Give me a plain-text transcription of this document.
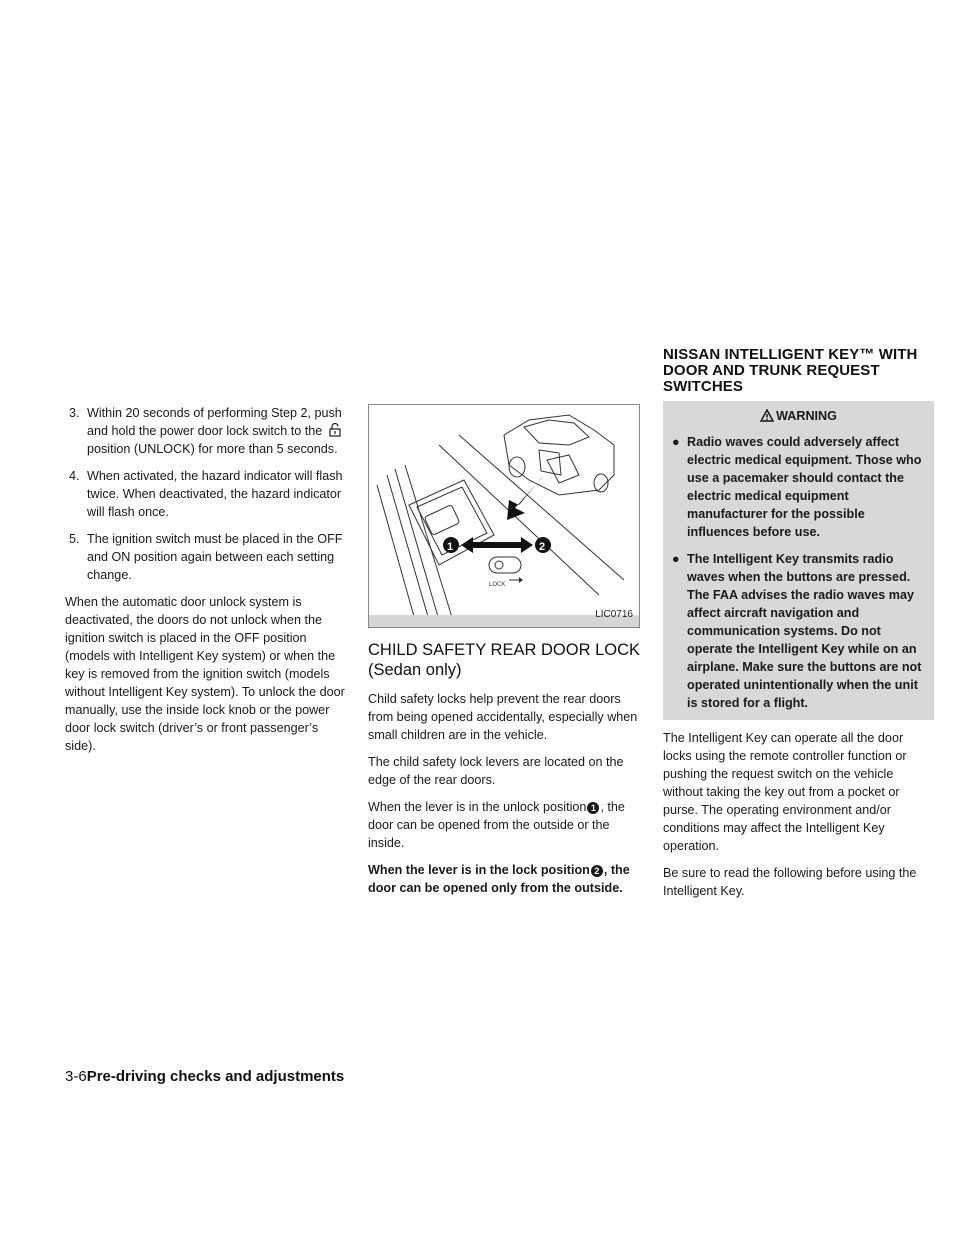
3. Within 20 seconds of performing Step 2, push and hold the power door lock switch to the  position (UNLOCK) for more than 5 seconds.
4. When activated, the hazard indicator will flash twice. When deactivated, the hazard indicator will flash once.
5. The ignition switch must be placed in the OFF and ON position again between each setting change.

When the automatic door unlock system is deactivated, the doors do not unlock when the ignition switch is placed in the OFF position (models with Intelligent Key system) or when the key is removed from the ignition switch (models without Intelligent Key system). To unlock the door manually, use the inside lock knob or the power door lock switch (driver’s or front passenger’s side).

1	2
LOCK
LIC0716
CHILD SAFETY REAR DOOR LOCK (Sedan only)

Child safety locks help prevent the rear doors from being opened accidentally, especially when small children are in the vehicle.

The child safety lock levers are located on the edge of the rear doors.

When the lever is in the unlock position 1 , the door can be opened from the outside or the inside.

When the lever is in the lock position 2 , the door can be opened only from the outside.

NISSAN INTELLIGENT KEY™ WITH DOOR AND TRUNK REQUEST SWITCHES
WARNING
● Radio waves could adversely affect electric medical equipment. Those who use a pacemaker should contact the electric medical equipment manufacturer for the possible influences before use.
● The Intelligent Key transmits radio waves when the buttons are pressed. The FAA advises the radio waves may affect aircraft navigation and communication systems. Do not operate the Intelligent Key while on an airplane. Make sure the buttons are not operated unintentionally when the unit is stored for a flight.

The Intelligent Key can operate all the door locks using the remote controller function or pushing the request switch on the vehicle without taking the key out from a pocket or purse. The operating environment and/or conditions may affect the Intelligent Key operation.

Be sure to read the following before using the Intelligent Key.

3-6Pre-driving checks and adjustments
